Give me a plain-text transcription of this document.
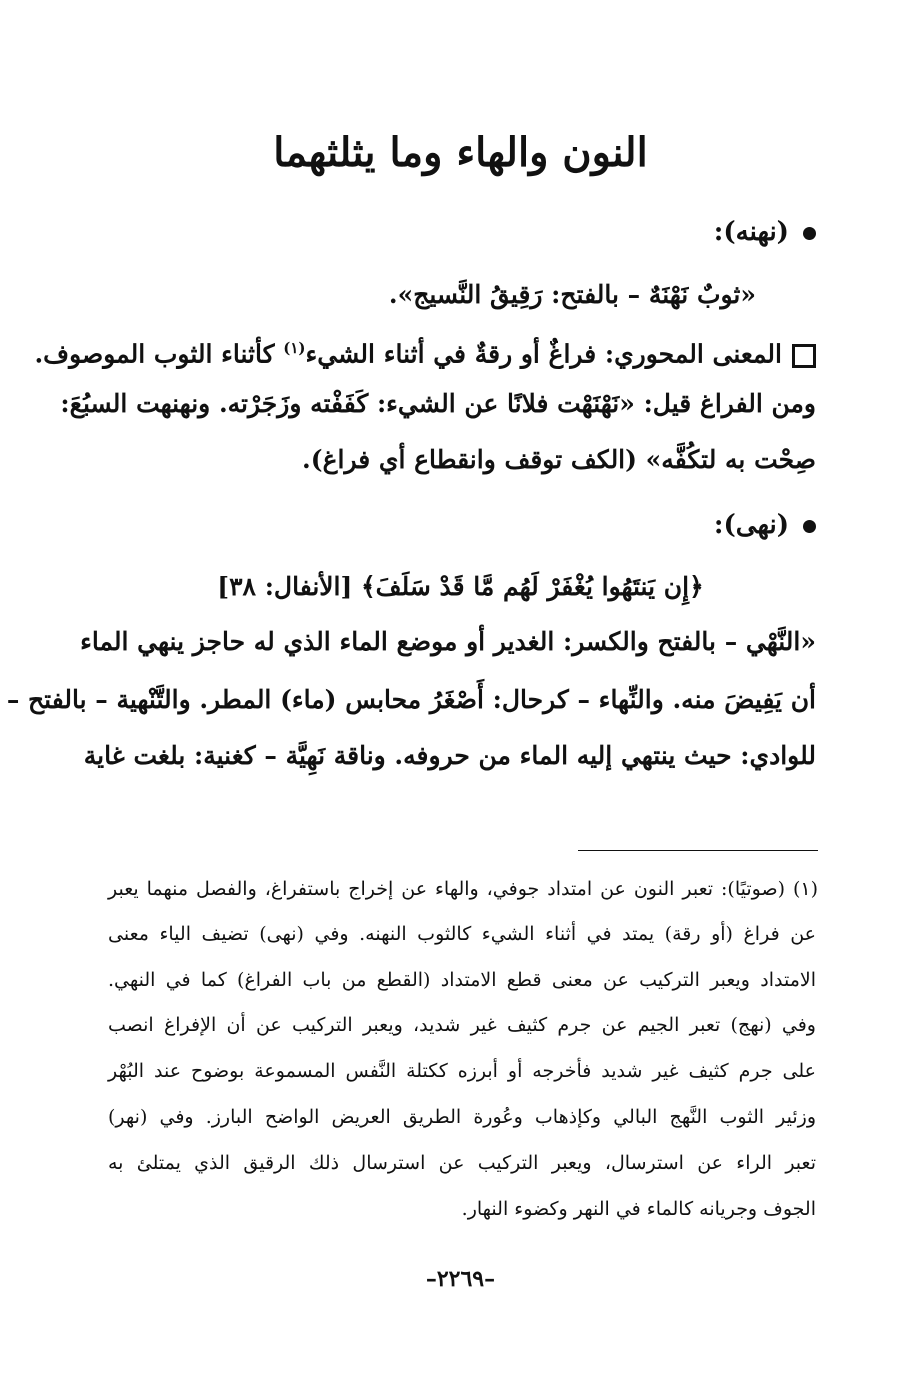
النون والهاء وما يثلثهما
(نهنه):
«ثوبٌ نَهْنَهٌ – بالفتح: رَقِيقُ النَّسيج».
المعنى المحوري: فراغٌ أو رقةٌ في أثناء الشيء$^{(١)}$ كأثناء الثوب الموصوف.
ومن الفراغ قيل: «نَهْنَهْت فلانًا عن الشيء: كَفَفْته وزَجَرْته. ونهنهت السبُعَ:
صِحْت به لتكُفَّه» (الكف توقف وانقطاع أي فراغ).
(نهى):
﴿إِن يَنتَهُوا يُغْفَرْ لَهُم مَّا قَدْ سَلَفَ﴾ [الأنفال: ٣٨]
«النَّهْي – بالفتح والكسر: الغدير أو موضع الماء الذي له حاجز ينهي الماء
أن يَفِيضَ منه. والنِّهاء – كرحال: أَصْغَرُ محابس (ماء) المطر. والتَّنْهية – بالفتح –
للوادي: حيث ينتهي إليه الماء من حروفه. وناقة نَهِيَّة – كغنية: بلغت غاية
(١) (صوتيًا): تعبر النون عن امتداد جوفي، والهاء عن إخراج باستفراغ، والفصل منهما يعبر
عن فراغ (أو رقة) يمتد في أثناء الشيء كالثوب النهنه. وفي (نهى) تضيف الياء معنى
الامتداد ويعبر التركيب عن معنى قطع الامتداد (القطع من باب الفراغ) كما في النهي.
وفي (نهج) تعبر الجيم عن جرم كثيف غير شديد، ويعبر التركيب عن أن الإفراغ انصب
على جرم كثيف غير شديد فأخرجه أو أبرزه ككتلة النَّفس المسموعة بوضوح عند البُهْر
وزئير الثوب النَّهج البالي وكإذهاب وعُورة الطريق العريض الواضح البارز. وفي (نهر)
تعبر الراء عن استرسال، ويعبر التركيب عن استرسال ذلك الرقيق الذي يمتلئ به
الجوف وجريانه كالماء في النهر وكضوء النهار.
–٢٢٦٩–
